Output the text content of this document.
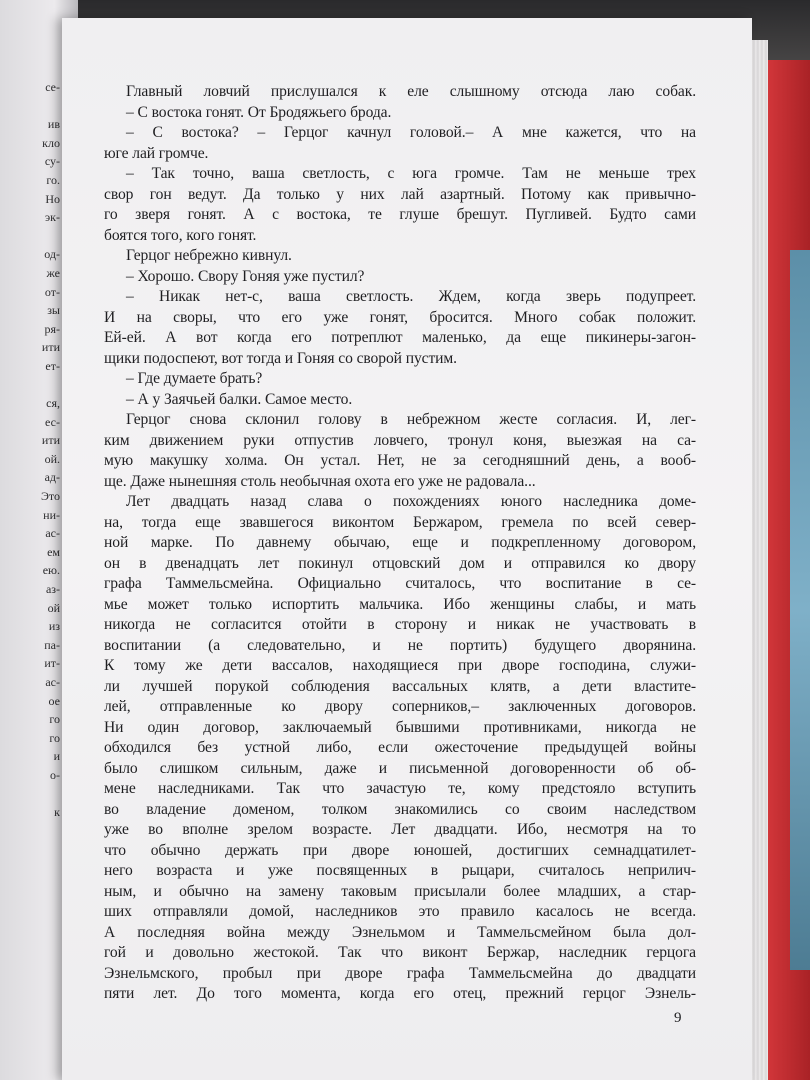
се-
ив
кло
су-
го.
Но
эк-
од-
же
от-
зы
ря-
ити
ет-
ся,
ес-
ити
ой.
ад-
Это
ни-
ас-
ем
ею.
аз-
ой
из
па-
ит-
ас-
ое
го
го
и
о-
к
Главный ловчий прислушался к еле слышному отсюда лаю собак.
– С востока гонят. От Бродяжьего брода.
– С востока? – Герцог качнул головой.– А мне кажется, что на
юге лай громче.
– Так точно, ваша светлость, с юга громче. Там не меньше трех
свор гон ведут. Да только у них лай азартный. Потому как привычно-
го зверя гонят. А с востока, те глуше брешут. Пугливей. Будто сами
боятся того, кого гонят.
Герцог небрежно кивнул.
– Хорошо. Свору Гоняя уже пустил?
– Никак нет-с, ваша светлость. Ждем, когда зверь подупреет.
И на своры, что его уже гонят, бросится. Много собак положит.
Ей-ей. А вот когда его потреплют маленько, да еще пикинеры-загон-
щики подоспеют, вот тогда и Гоняя со сворой пустим.
– Где думаете брать?
– А у Заячьей балки. Самое место.
Герцог снова склонил голову в небрежном жесте согласия. И, лег-
ким движением руки отпустив ловчего, тронул коня, выезжая на са-
мую макушку холма. Он устал. Нет, не за сегодняшний день, а вооб-
ще. Даже нынешняя столь необычная охота его уже не радовала...
Лет двадцать назад слава о похождениях юного наследника доме-
на, тогда еще звавшегося виконтом Бержаром, гремела по всей север-
ной марке. По давнему обычаю, еще и подкрепленному договором,
он в двенадцать лет покинул отцовский дом и отправился ко двору
графа Таммельсмейна. Официально считалось, что воспитание в се-
мье может только испортить мальчика. Ибо женщины слабы, и мать
никогда не согласится отойти в сторону и никак не участвовать в
воспитании (а следовательно, и не портить) будущего дворянина.
К тому же дети вассалов, находящиеся при дворе господина, служи-
ли лучшей порукой соблюдения вассальных клятв, а дети властите-
лей, отправленные ко двору соперников,– заключенных договоров.
Ни один договор, заключаемый бывшими противниками, никогда не
обходился без устной либо, если ожесточение предыдущей войны
было слишком сильным, даже и письменной договоренности об об-
мене наследниками. Так что зачастую те, кому предстояло вступить
во владение доменом, толком знакомились со своим наследством
уже во вполне зрелом возрасте. Лет двадцати. Ибо, несмотря на то
что обычно держать при дворе юношей, достигших семнадцатилет-
него возраста и уже посвященных в рыцари, считалось неприлич-
ным, и обычно на замену таковым присылали более младших, а стар-
ших отправляли домой, наследников это правило касалось не всегда.
А последняя война между Эзнельмом и Таммельсмейном была дол-
гой и довольно жестокой. Так что виконт Бержар, наследник герцога
Эзнельмского, пробыл при дворе графа Таммельсмейна до двадцати
пяти лет. До того момента, когда его отец, прежний герцог Эзнель-
9
